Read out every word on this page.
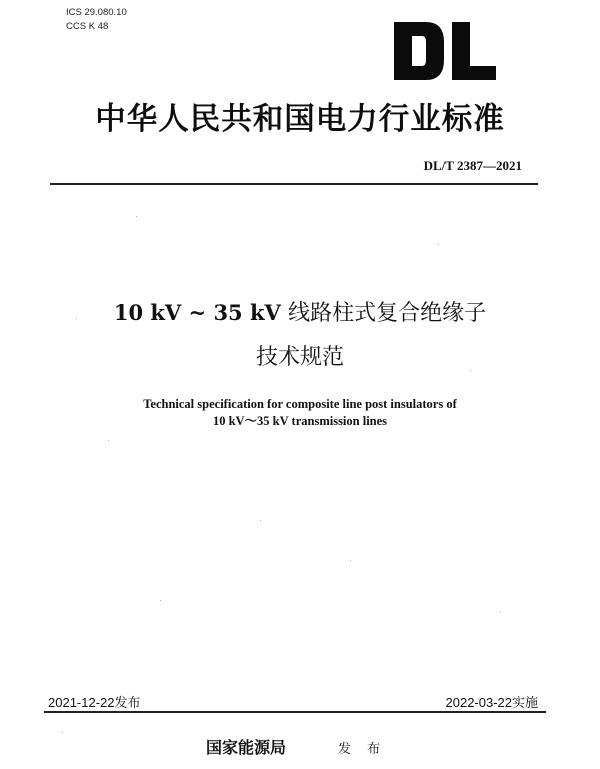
ICS 29.080.10
CCS K 48
中华人民共和国电力行业标准
DL/T 2387—2021
10 kV ~ 35 kV 线路柱式复合绝缘子
技术规范
Technical specification for composite line post insulators of
10 kV～35 kV transmission lines
2021-12-22发布	2022-03-22实施
国家能源局	发 布
